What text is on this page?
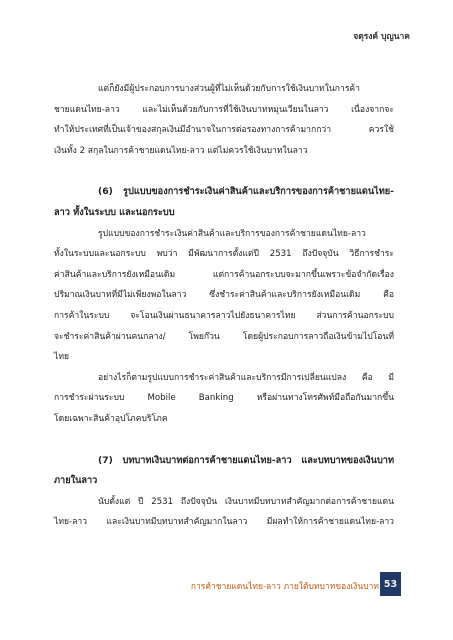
จตุรงค์ บุญนาค

แต่ก็ยังมีผู้ประกอบการบางส่วนผู้ที่ไม่เห็นด้วยกับการใช้เงินบาทในการค้า

ชายแดนไทย-ลาว และไม่เห็นด้วยกับการที่ใช้เงินบาทหมุนเวียนในลาว เนื่องจากจะ

ทำให้ประเทศที่เป็นเจ้าของสกุลเงินมีอำนาจในการต่อรองทางการค้ามากกว่า ควรใช้

เงินทั้ง 2 สกุลในการค้าชายแดนไทย-ลาว แต่ไม่ควรใช้เงินบาทในลาว

(6) รูปแบบของการชำระเงินค่าสินค้าและบริการของการค้าชายแดนไทย-

ลาว ทั้งในระบบ และนอกระบบ

รูปแบบของการชำระเงินค่าสินค้าและบริการของการค้าชายแดนไทย-ลาว

ทั้งในระบบและนอกระบบ พบว่า มีพัฒนาการตั้งแต่ปี 2531 ถึงปัจจุบัน วิธีการชำระ

ค่าสินค้าและบริการยังเหมือนเดิม แต่การค้านอกระบบจะมากขึ้นเพราะข้อจำกัดเรื่อง

ปริมาณเงินบาทที่มีไม่เพียงพอในลาว ซึ่งชำระค่าสินค้าและบริการยังเหมือนเดิม คือ

การค้าในระบบ จะโอนเงินผ่านธนาคารลาวไปยังธนาคารไทย ส่วนการค้านอกระบบ

จะชำระค่าสินค้าผ่านคนกลาง/ โพยก๊วน โดยผู้ประกอบการลาวถือเงินข้ามไปโอนที่

ไทย

อย่างไรก็ตามรูปแบบการชำระค่าสินค้าและบริการมีการเปลี่ยนแปลง คือ มี

การชำระผ่านระบบ Mobile Banking หรือผ่านทางโทรศัพท์มือถือกันมากขึ้น

โดยเฉพาะสินค้าอุปโภคบริโภค

(7) บทบาทเงินบาทต่อการค้าชายแดนไทย-ลาว และบทบาทของเงินบาท

ภายในลาว

นับตั้งแต่ ปี 2531 ถึงปัจจุบัน เงินบาทมีบทบาทสำคัญมากต่อการค้าชายแดน

ไทย-ลาว และเงินบาทมีบทบาทสำคัญมากในลาว มีผลทำให้การค้าชายแดนไทย-ลาว

การค้าชายแดนไทย-ลาว ภายใต้บทบาทของเงินบาท 53
